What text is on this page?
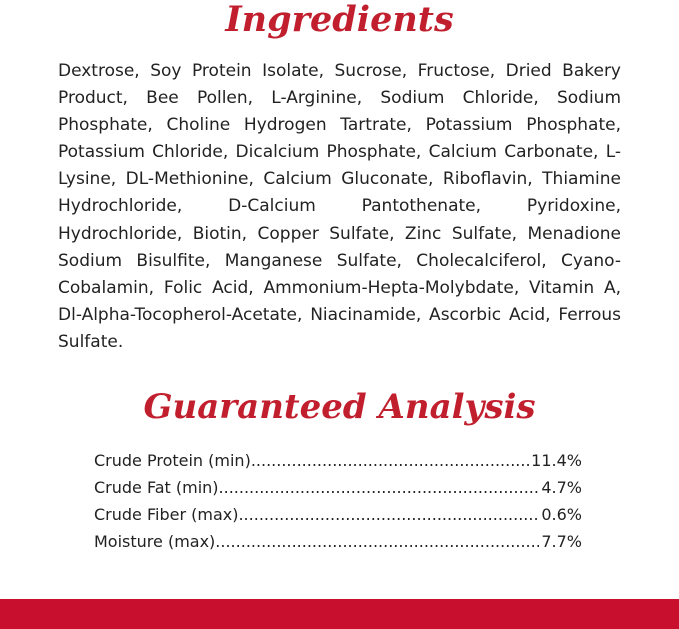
Ingredients

Dextrose, Soy Protein Isolate, Sucrose, Fructose, Dried Bakery Product, Bee Pollen, L-Arginine, Sodium Chloride, Sodium Phosphate, Choline Hydrogen Tartrate, Potassium Phosphate, Potassium Chloride, Dicalcium Phosphate, Calcium Carbonate, L-Lysine, DL-Methionine, Calcium Gluconate, Riboflavin, Thiamine Hydrochloride, D-Calcium Pantothenate, Pyridoxine, Hydrochloride, Biotin, Copper Sulfate, Zinc Sulfate, Menadione Sodium Bisulfite, Manganese Sulfate, Cholecalciferol, Cyano-Cobalamin, Folic Acid, Ammonium-Hepta-Molybdate, Vitamin A, Dl-Alpha-Tocopherol-Acetate, Niacinamide, Ascorbic Acid, Ferrous Sulfate.

Guaranteed Analysis
Crude Protein (min) .....	11.4%
Crude Fat (min) .....	4.7%
Crude Fiber (max) .....	0.6%
Moisture (max) .....	7.7%
